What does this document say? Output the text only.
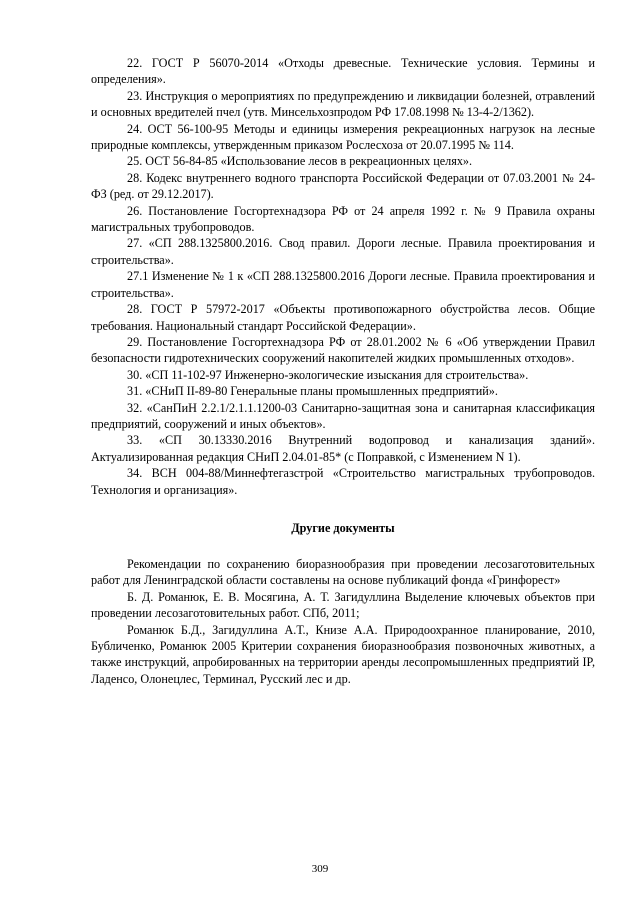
22. ГОСТ Р 56070-2014 «Отходы древесные. Технические условия. Термины и определения».

23. Инструкция о мероприятиях по предупреждению и ликвидации болезней, отравлений и основных вредителей пчел (утв. Минсельхозпродом РФ 17.08.1998 № 13-4-2/1362).

24. ОСТ 56-100-95 Методы и единицы измерения рекреационных нагрузок на лесные природные комплексы, утвержденным приказом Рослесхоза от 20.07.1995 № 114.

25. ОСТ 56-84-85 «Использование лесов в рекреационных целях».

28. Кодекс внутреннего водного транспорта Российской Федерации от 07.03.2001 № 24-ФЗ (ред. от 29.12.2017).

26. Постановление Госгортехнадзора РФ от 24 апреля 1992 г. № 9 Правила охраны магистральных трубопроводов.

27. «СП 288.1325800.2016. Свод правил. Дороги лесные. Правила проектирования и строительства».

27.1 Изменение № 1 к «СП 288.1325800.2016 Дороги лесные. Правила проектирования и строительства».

28. ГОСТ Р 57972-2017 «Объекты противопожарного обустройства лесов. Общие требования. Национальный стандарт Российской Федерации».

29. Постановление Госгортехнадзора РФ от 28.01.2002 № 6 «Об утверждении Правил безопасности гидротехнических сооружений накопителей жидких промышленных отходов».

30. «СП 11-102-97 Инженерно-экологические изыскания для строительства».

31. «СНиП II-89-80 Генеральные планы промышленных предприятий».

32. «СанПиН 2.2.1/2.1.1.1200-03 Санитарно-защитная зона и санитарная классификация предприятий, сооружений и иных объектов».

33. «СП 30.13330.2016 Внутренний водопровод и канализация зданий». Актуализированная редакция СНиП 2.04.01-85* (с Поправкой, с Изменением N 1).

34. ВСН 004-88/Миннефтегазстрой «Строительство магистральных трубопроводов. Технология и организация».

Другие документы

Рекомендации по сохранению биоразнообразия при проведении лесозаготовительных работ для Ленинградской области составлены на основе публикаций фонда «Гринфорест»

Б. Д. Романюк, Е. В. Мосягина, А. Т. Загидуллина Выделение ключевых объектов при проведении лесозаготовительных работ. СПб, 2011;

Романюк Б.Д., Загидуллина А.Т., Книзе А.А. Природоохранное планирование, 2010, Бубличенко, Романюк 2005 Критерии сохранения биоразнообразия позвоночных животных, а также инструкций, апробированных на территории аренды лесопромышленных предприятий IP, Ладенсо, Олонецлес, Терминал, Русский лес и др.

309
